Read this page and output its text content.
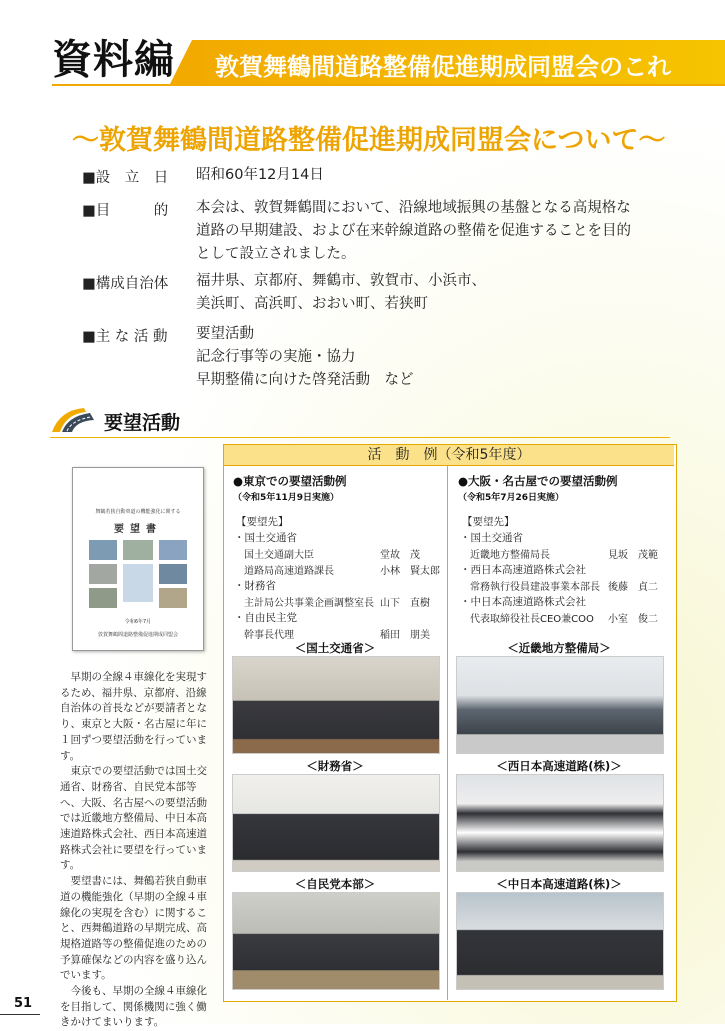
資料編 敦賀舞鶴間道路整備促進期成同盟会のこれ
～敦賀舞鶴間道路整備促進期成同盟会について～
■設　立　日 昭和60年12月14日
■目　　　的 本会は、敦賀舞鶴間において、沿線地域振興の基盤となる高規格な
道路の早期建設、および在来幹線道路の整備を促進することを目的
として設立されました。
■構成自治体 福井県、京都府、舞鶴市、敦賀市、小浜市、
美浜町、高浜町、おおい町、若狭町
■主 な 活 動 要望活動
記念行事等の実施・協力
早期整備に向けた啓発活動　など
要望活動
舞鶴若狭自動車道の機能強化に関する
要望書
令和6年7月
敦賀舞鶴間道路整備促進期成同盟会

早期の全線４車線化を実現するため、福井県、京都府、沿線自治体の首長などが要請者となり、東京と大阪・名古屋に年に１回ずつ要望活動を行っています。

東京での要望活動では国土交通省、財務省、自民党本部等へ、大阪、名古屋への要望活動では近畿地方整備局、中日本高速道路株式会社、西日本高速道路株式会社に要望を行っています。

要望書には、舞鶴若狭自動車道の機能強化（早期の全線４車線化の実現を含む）に関すること、西舞鶴道路の早期完成、高規格道路等の整備促進のための予算確保などの内容を盛り込んでいます。

今後も、早期の全線４車線化を目指して、関係機関に強く働きかけてまいります。

活　動　例（令和5年度）
●東京での要望活動例
（令和5年11月9日実施）
【要望先】
・国土交通省
国土交通副大臣	堂故　茂
道路局高速道路課長	小林　賢太郎
・財務省
主計局公共事業企画調整室長 山下　直樹
・自由民主党
幹事長代理	稲田　朋美
＜国土交通省＞
＜財務省＞
＜自民党本部＞
●大阪・名古屋での要望活動例
（令和5年7月26日実施）
【要望先】
・国土交通省
近畿地方整備局長	見坂　茂範
・西日本高速道路株式会社
常務執行役員建設事業本部長 後藤　貞二
・中日本高速道路株式会社
代表取締役社長CEO兼COO 小室　俊二
＜近畿地方整備局＞
＜西日本高速道路(株)＞
＜中日本高速道路(株)＞
51
